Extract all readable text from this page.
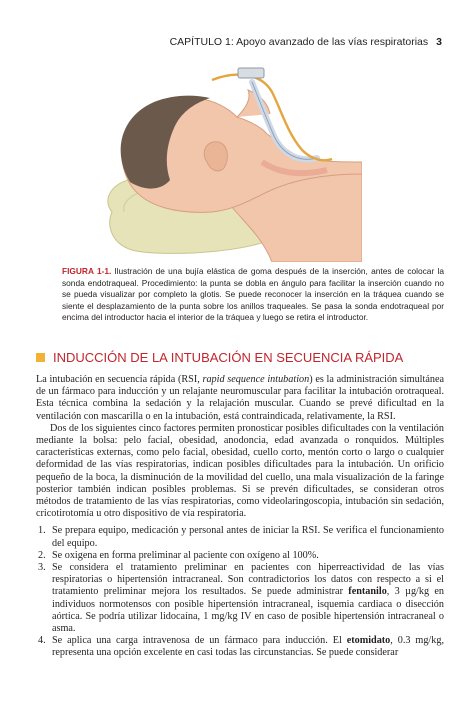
CAPÍTULO 1: Apoyo avanzado de las vías respiratorias 3
FIGURA 1-1. Ilustración de una bujía elástica de goma después de la inserción, antes de colocar la sonda endotraqueal. Procedimiento: la punta se dobla en ángulo para facilitar la inserción cuando no se pueda visualizar por completo la glotis. Se puede reconocer la inserción en la tráquea cuando se siente el desplazamiento de la punta sobre los anillos traqueales. Se pasa la sonda endotraqueal por encima del introductor hacia el interior de la tráquea y luego se retira el introductor.
INDUCCIÓN DE LA INTUBACIÓN EN SECUENCIA RÁPIDA

La intubación en secuencia rápida (RSI, rapid sequence intubation) es la administración simultánea de un fármaco para inducción y un relajante neuromuscular para facilitar la intubación orotraqueal. Esta técnica combina la sedación y la relajación muscular. Cuando se prevé dificultad en la ventilación con mascarilla o en la intubación, está contraindicada, relativamente, la RSI.

Dos de los siguientes cinco factores permiten pronosticar posibles dificultades con la ventilación mediante la bolsa: pelo facial, obesidad, anodoncia, edad avanzada o ronquidos. Múltiples características externas, como pelo facial, obesidad, cuello corto, mentón corto o largo o cualquier deformidad de las vías respiratorias, indican posibles dificultades para la intubación. Un orificio pequeño de la boca, la disminución de la movilidad del cuello, una mala visualización de la faringe posterior también indican posibles problemas. Si se prevén dificultades, se consideran otros métodos de tratamiento de las vías respiratorias, como videolaringoscopia, intubación sin sedación, cricotirotomía u otro dispositivo de vía respiratoria.

1. Se prepara equipo, medicación y personal antes de iniciar la RSI. Se verifica el funcionamiento del equipo.
2. Se oxigena en forma preliminar al paciente con oxígeno al 100%.
3. Se considera el tratamiento preliminar en pacientes con hiperreactividad de las vías respiratorias o hipertensión intracraneal. Son contradictorios los datos con respecto a si el tratamiento preliminar mejora los resultados. Se puede administrar fentanilo, 3 µg/kg en individuos normotensos con posible hipertensión intracraneal, isquemia cardiaca o disección aórtica. Se podría utilizar lidocaína, 1 mg/kg IV en caso de posible hipertensión intracraneal o asma.
4. Se aplica una carga intravenosa de un fármaco para inducción. El etomidato, 0.3 mg/kg, representa una opción excelente en casi todas las circunstancias. Se puede considerar
